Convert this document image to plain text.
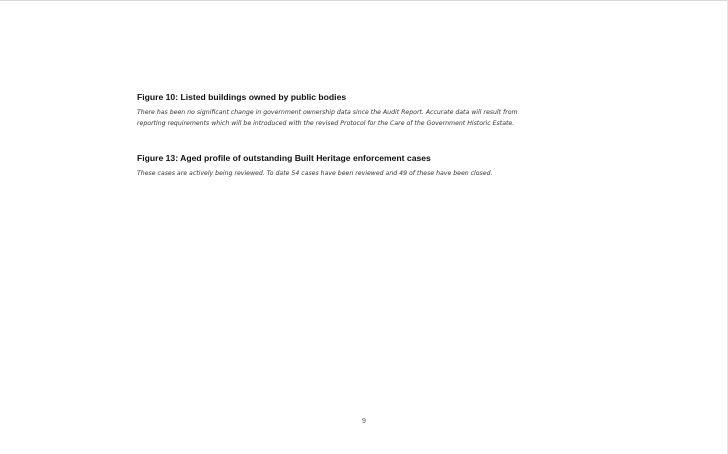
Figure 10: Listed buildings owned by public bodies

There has been no significant change in government ownership data since the Audit Report. Accurate data will result from
reporting requirements which will be introduced with the revised Protocol for the Care of the Government Historic Estate.

Figure 13: Aged profile of outstanding Built Heritage enforcement cases

These cases are actively being reviewed. To date 54 cases have been reviewed and 49 of these have been closed.

9
